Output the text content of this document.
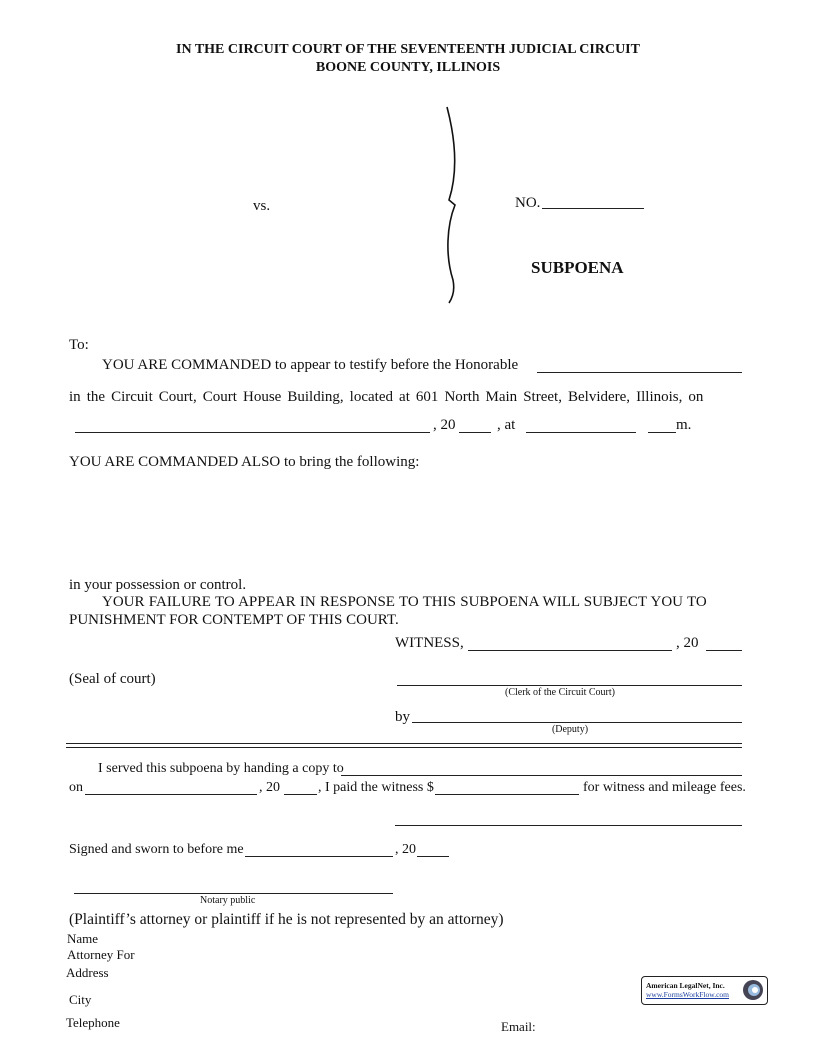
IN THE CIRCUIT COURT OF THE SEVENTEENTH JUDICIAL CIRCUIT
BOONE COUNTY, ILLINOIS
vs.	NO.
SUBPOENA
To:
YOU ARE COMMANDED to appear to testify before the Honorable
in the Circuit Court, Court House Building, located at 601 North Main Street, Belvidere, Illinois, on
, 20	, at	m.
YOU ARE COMMANDED ALSO to bring the following:
in your possession or control.
YOUR FAILURE TO APPEAR IN RESPONSE TO THIS SUBPOENA WILL SUBJECT YOU TO
PUNISHMENT FOR CONTEMPT OF THIS COURT.
WITNESS,	, 20
(Seal of court)
(Clerk of the Circuit Court)
by
(Deputy)
I served this subpoena by handing a copy to
on	, 20	, I paid the witness $	for witness and mileage fees.
Signed and sworn to before me	, 20
Notary public
(Plaintiff’s attorney or plaintiff if he is not represented by an attorney)
Name
Attorney For
Address
City
Telephone	Email:
American LegalNet, Inc.
www.FormsWorkFlow.com
